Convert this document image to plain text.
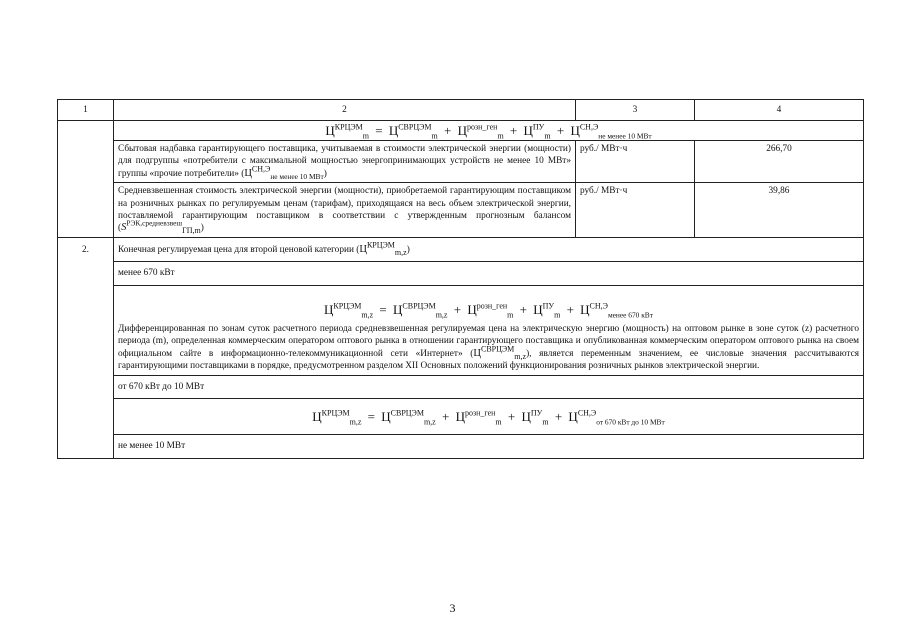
1	2	3	4
	$Ц^{КРЦЭМ}_m = Ц^{СВРЦЭМ}_m + Ц^{розн\_ген}_m + Ц^{ПУ}_m + Ц^{СН,Э}_{не менее 10 МВт}$
	Сбытовая надбавка гарантирующего поставщика, учитываемая в стоимости электрической энергии (мощности) для подгруппы «потребители с максимальной мощностью энергопринимающих устройств не менее 10 МВт» группы «прочие потребители» $(Ц^{СН,Э}_{не менее 10 МВт})$	руб./ МВт·ч	266,70
	Средневзвешенная стоимость электрической энергии (мощности), приобретаемой гарантирующим поставщиком на розничных рынках по регулируемым ценам (тарифам), приходящаяся на весь объем электрической энергии, поставляемой гарантирующим поставщиком в соответствии с утвержденным прогнозным балансом $(S^{РЭК,средневзвеш}_{ГП,m})$	руб./ МВт·ч	39,86
2.	Конечная регулируемая цена для второй ценовой категории $(Ц^{КРЦЭМ}_{m,z})$		
	менее 670 кВт		

	$Ц^{КРЦЭМ}_{m,z} = Ц^{СВРЦЭМ}_{m,z} + Ц^{розн\_ген}_m + Ц^{ПУ}_m + Ц^{СН,Э}_{менее 670 кВт}$
Дифференцированная по зонам суток расчетного периода средневзвешенная регулируемая цена на электрическую энергию (мощность) на оптовом рынке в зоне суток (z) расчетного периода (m), определенная коммерческим оператором оптового рынка в отношении гарантирующего поставщика и опубликованная коммерческим оператором оптового рынка на своем официальном сайте в информационно-телекоммуникационной сети «Интернет» $(Ц^{СВРЦЭМ}_{m,z})$, является переменным значением, ее числовые значения рассчитываются гарантирующими поставщиками в порядке, предусмотренном разделом XII Основных положений функционирования розничных рынков электрической энергии.		

	от 670 кВт до 10 МВт		
	$Ц^{КРЦЭМ}_{m,z} = Ц^{СВРЦЭМ}_{m,z} + Ц^{розн\_ген}_m + Ц^{ПУ}_m + Ц^{СН,Э}_{от 670 кВт до 10 МВт}$
	не менее 10 МВт		
3
